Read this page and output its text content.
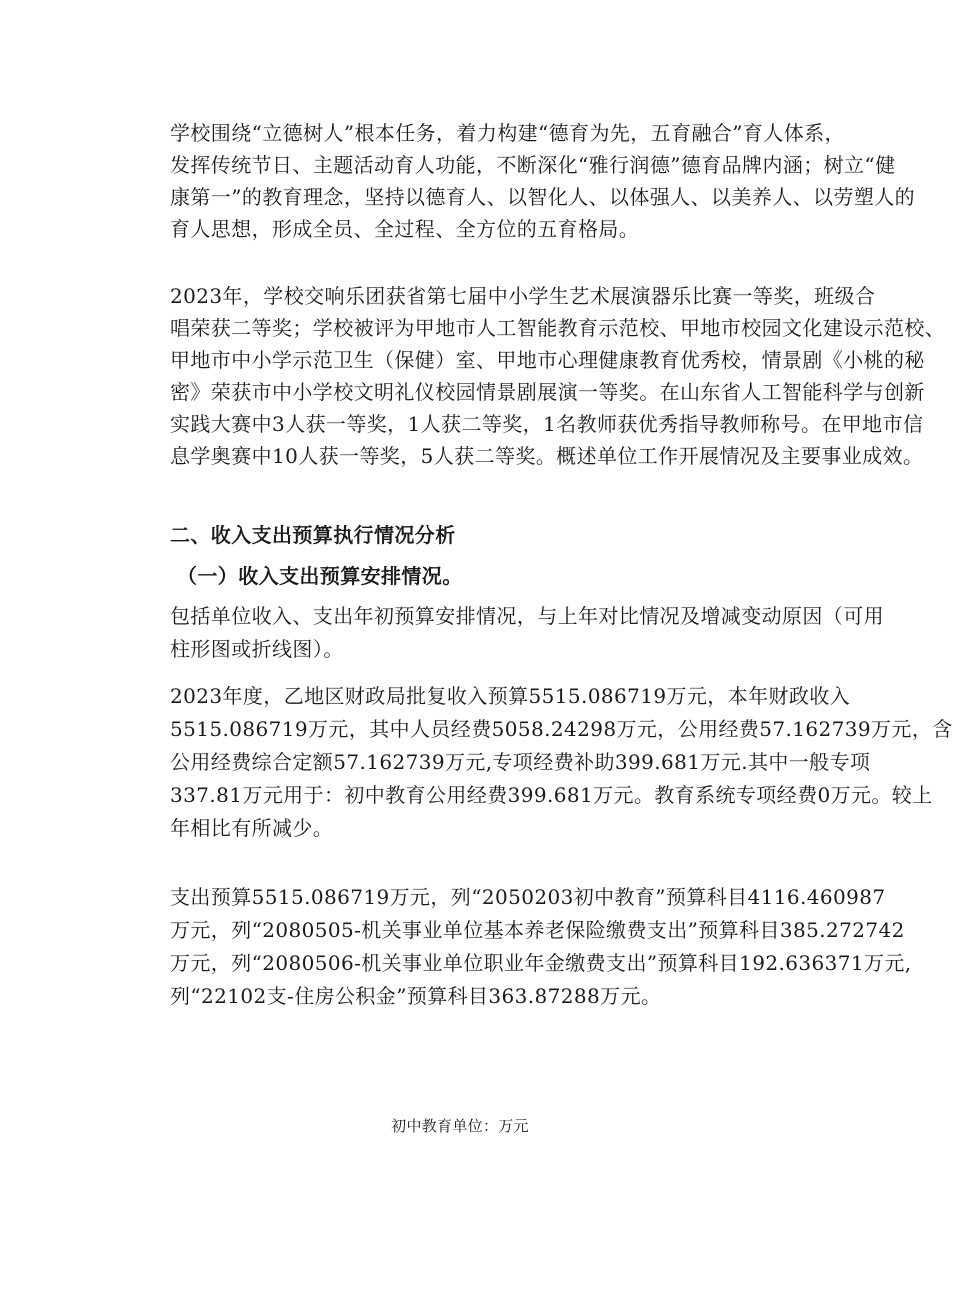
学校围绕“立德树人”根本任务，着力构建“德育为先，五育融合”育人体系，
发挥传统节日、主题活动育人功能，不断深化“雅行润德”德育品牌内涵；树立“健
康第一”的教育理念，坚持以德育人、以智化人、以体强人、以美养人、以劳塑人的
育人思想，形成全员、全过程、全方位的五育格局。

2023年，学校交响乐团获省第七届中小学生艺术展演器乐比赛一等奖，班级合
唱荣获二等奖；学校被评为甲地市人工智能教育示范校、甲地市校园文化建设示范校、
甲地市中小学示范卫生（保健）室、甲地市心理健康教育优秀校，情景剧《小桃的秘
密》荣获市中小学校文明礼仪校园情景剧展演一等奖。在山东省人工智能科学与创新
实践大赛中3人获一等奖，1人获二等奖，1名教师获优秀指导教师称号。在甲地市信
息学奥赛中10人获一等奖，5人获二等奖。概述单位工作开展情况及主要事业成效。

二、收入支出预算执行情况分析
（一）收入支出预算安排情况。

包括单位收入、支出年初预算安排情况，与上年对比情况及增减变动原因（可用
柱形图或折线图）。

2023年度，乙地区财政局批复收入预算5515.086719万元，本年财政收入
5515.086719万元，其中人员经费5058.24298万元，公用经费57.162739万元，含
公用经费综合定额57.162739万元,专项经费补助399.681万元.其中一般专项
337.81万元用于：初中教育公用经费399.681万元。教育系统专项经费0万元。较上
年相比有所减少。

支出预算5515.086719万元，列“2050203初中教育”预算科目4116.460987
万元，列“2080505-机关事业单位基本养老保险缴费支出”预算科目385.272742
万元，列“2080506-机关事业单位职业年金缴费支出”预算科目192.636371万元,
列“22102支-住房公积金”预算科目363.87288万元。

初中教育单位：万元
